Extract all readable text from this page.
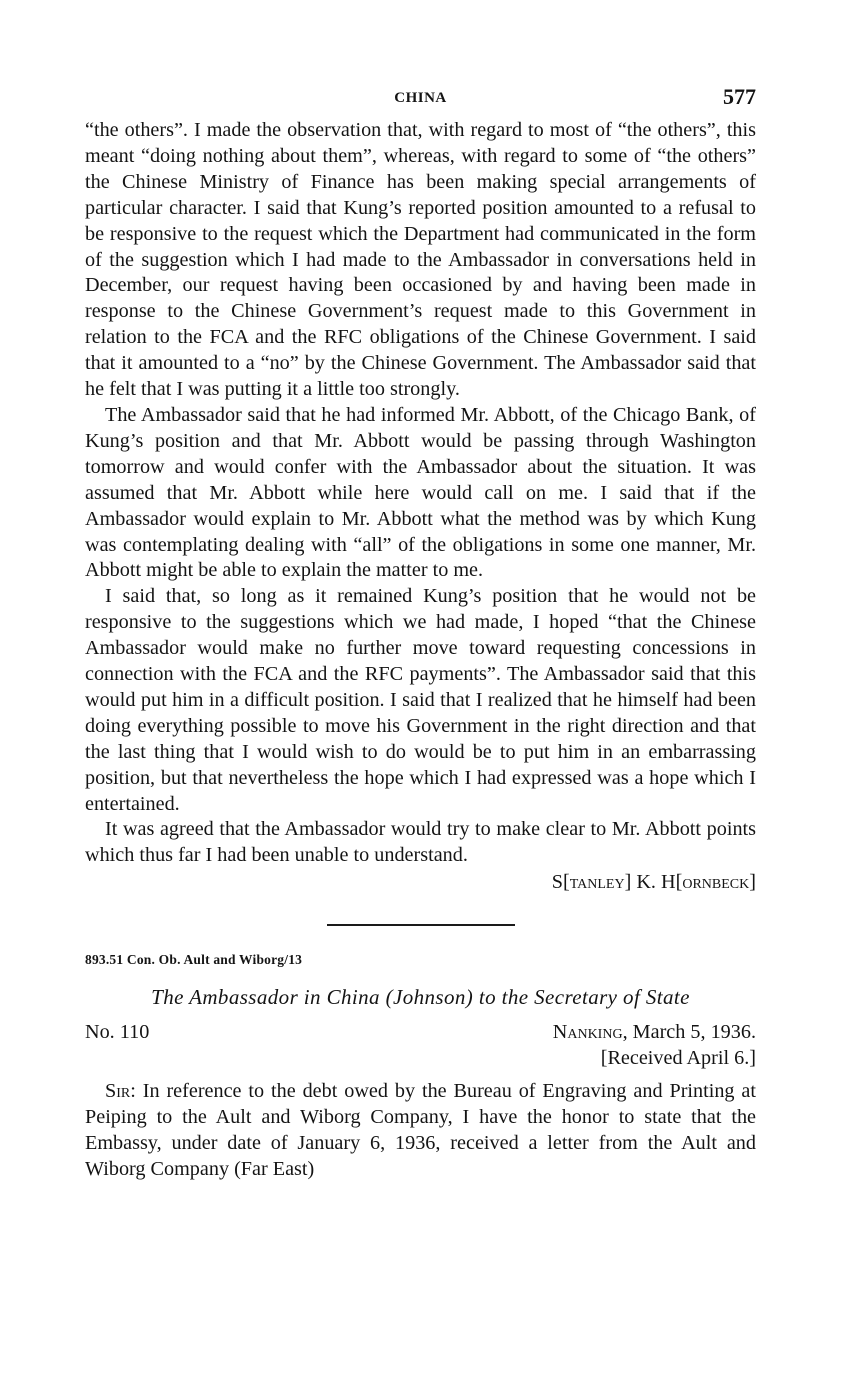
CHINA	577

“the others”. I made the observation that, with regard to most of “the others”, this meant “doing nothing about them”, whereas, with regard to some of “the others” the Chinese Ministry of Finance has been making special arrangements of particular character. I said that Kung’s reported position amounted to a refusal to be responsive to the request which the Department had communicated in the form of the suggestion which I had made to the Ambassador in conversations held in December, our request having been occasioned by and having been made in response to the Chinese Government’s request made to this Government in relation to the FCA and the RFC obligations of the Chinese Government. I said that it amounted to a “no” by the Chinese Government. The Ambassador said that he felt that I was putting it a little too strongly.

The Ambassador said that he had informed Mr. Abbott, of the Chicago Bank, of Kung’s position and that Mr. Abbott would be passing through Washington tomorrow and would confer with the Ambassador about the situation. It was assumed that Mr. Abbott while here would call on me. I said that if the Ambassador would explain to Mr. Abbott what the method was by which Kung was contemplating dealing with “all” of the obligations in some one manner, Mr. Abbott might be able to explain the matter to me.

I said that, so long as it remained Kung’s position that he would not be responsive to the suggestions which we had made, I hoped “that the Chinese Ambassador would make no further move toward requesting concessions in connection with the FCA and the RFC payments”. The Ambassador said that this would put him in a difficult position. I said that I realized that he himself had been doing everything possible to move his Government in the right direction and that the last thing that I would wish to do would be to put him in an embarrassing position, but that nevertheless the hope which I had expressed was a hope which I entertained.

It was agreed that the Ambassador would try to make clear to Mr. Abbott points which thus far I had been unable to understand.

S[tanley] K. H[ornbeck]

893.51 Con. Ob. Ault and Wiborg/13
The Ambassador in China (Johnson) to the Secretary of State
No. 110	Nanking, March 5, 1936.
[Received April 6.]

Sir: In reference to the debt owed by the Bureau of Engraving and Printing at Peiping to the Ault and Wiborg Company, I have the honor to state that the Embassy, under date of January 6, 1936, received a letter from the Ault and Wiborg Company (Far East)
